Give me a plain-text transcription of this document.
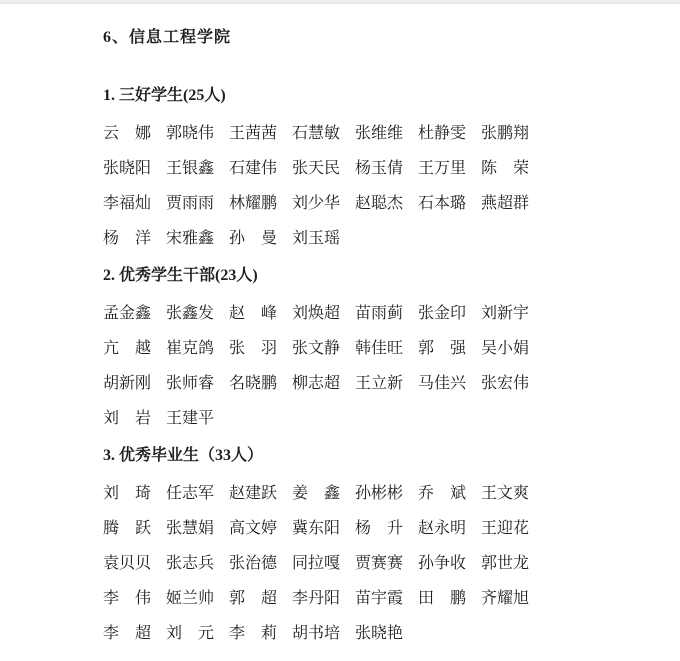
6、信息工程学院
1. 三好学生(25人)
云　娜 郭晓伟 王茜茜 石慧敏 张维维 杜静雯 张鹏翔
张晓阳 王银鑫 石建伟 张天民 杨玉倩 王万里 陈　荣
李福灿 贾雨雨 林耀鹏 刘少华 赵聪杰 石本璐 燕超群
杨　洋 宋雅鑫 孙　曼 刘玉瑶
2. 优秀学生干部(23人)
孟金鑫 张鑫发 赵　峰 刘焕超 苗雨蓟 张金印 刘新宇
亢　越 崔克鸽 张　羽 张文静 韩佳旺 郭　强 吴小娟
胡新刚 张师睿 名晓鹏 柳志超 王立新 马佳兴 张宏伟
刘　岩 王建平
3. 优秀毕业生（33人）
刘　琦 任志军 赵建跃 姜　鑫 孙彬彬 乔　斌 王文爽
腾　跃 张慧娟 高文婷 冀东阳 杨　升 赵永明 王迎花
袁贝贝 张志兵 张治德 同拉嘎 贾赛赛 孙争收 郭世龙
李　伟 姬兰帅 郭　超 李丹阳 苗宇霞 田　鹏 齐耀旭
李　超 刘　元 李　莉 胡书培 张晓艳
